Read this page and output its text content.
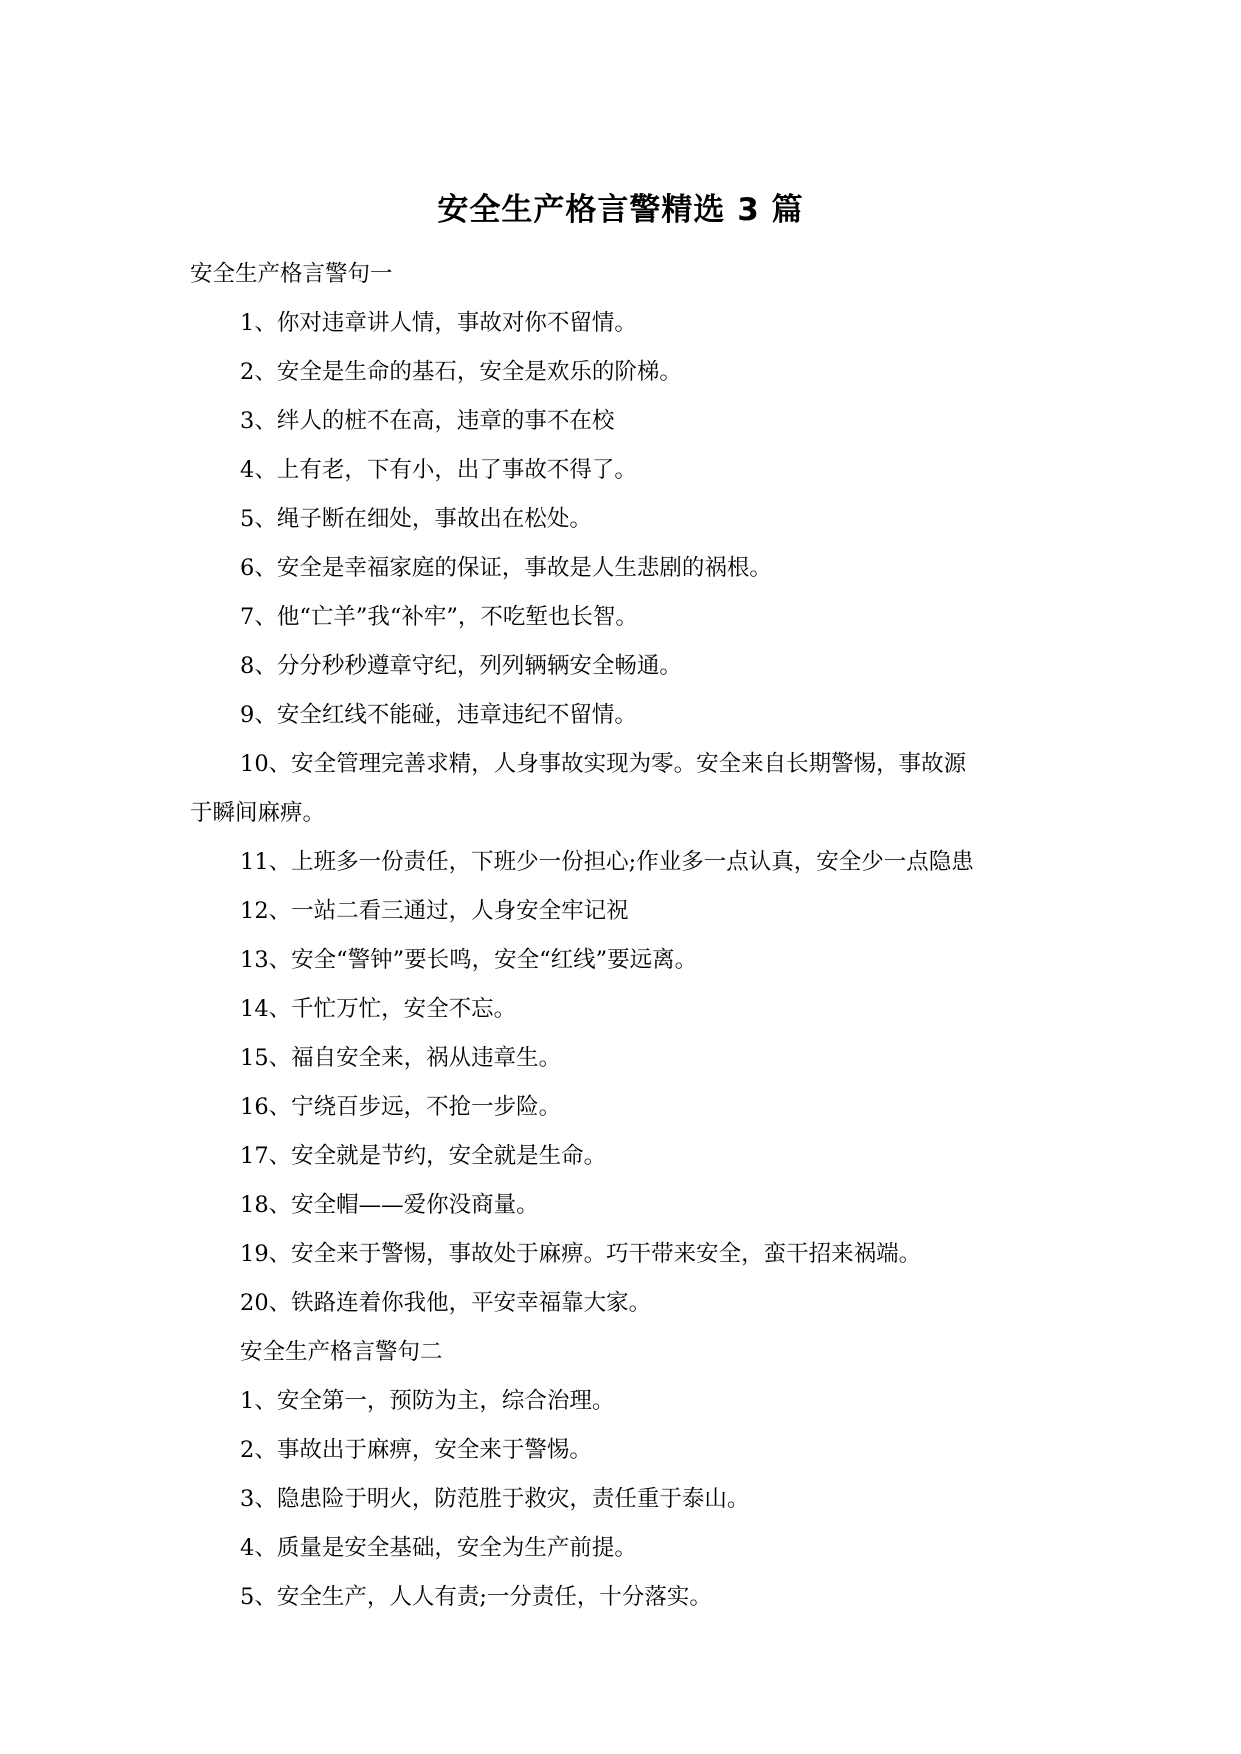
安全生产格言警精选 3 篇
安全生产格言警句一
1、你对违章讲人情，事故对你不留情。
2、安全是生命的基石，安全是欢乐的阶梯。
3、绊人的桩不在高，违章的事不在校
4、上有老，下有小，出了事故不得了。
5、绳子断在细处，事故出在松处。
6、安全是幸福家庭的保证，事故是人生悲剧的祸根。
7、他“亡羊”我“补牢”，不吃堑也长智。
8、分分秒秒遵章守纪，列列辆辆安全畅通。
9、安全红线不能碰，违章违纪不留情。
10、安全管理完善求精，人身事故实现为零。安全来自长期警惕，事故源
于瞬间麻痹。
11、上班多一份责任，下班少一份担心;作业多一点认真，安全少一点隐患
12、一站二看三通过，人身安全牢记祝
13、安全“警钟”要长鸣，安全“红线”要远离。
14、千忙万忙，安全不忘。
15、福自安全来，祸从违章生。
16、宁绕百步远，不抢一步险。
17、安全就是节约，安全就是生命。
18、安全帽——爱你没商量。
19、安全来于警惕，事故处于麻痹。巧干带来安全，蛮干招来祸端。
20、铁路连着你我他，平安幸福靠大家。
安全生产格言警句二
1、安全第一，预防为主，综合治理。
2、事故出于麻痹，安全来于警惕。
3、隐患险于明火，防范胜于救灾，责任重于泰山。
4、质量是安全基础，安全为生产前提。
5、安全生产，人人有责;一分责任，十分落实。
